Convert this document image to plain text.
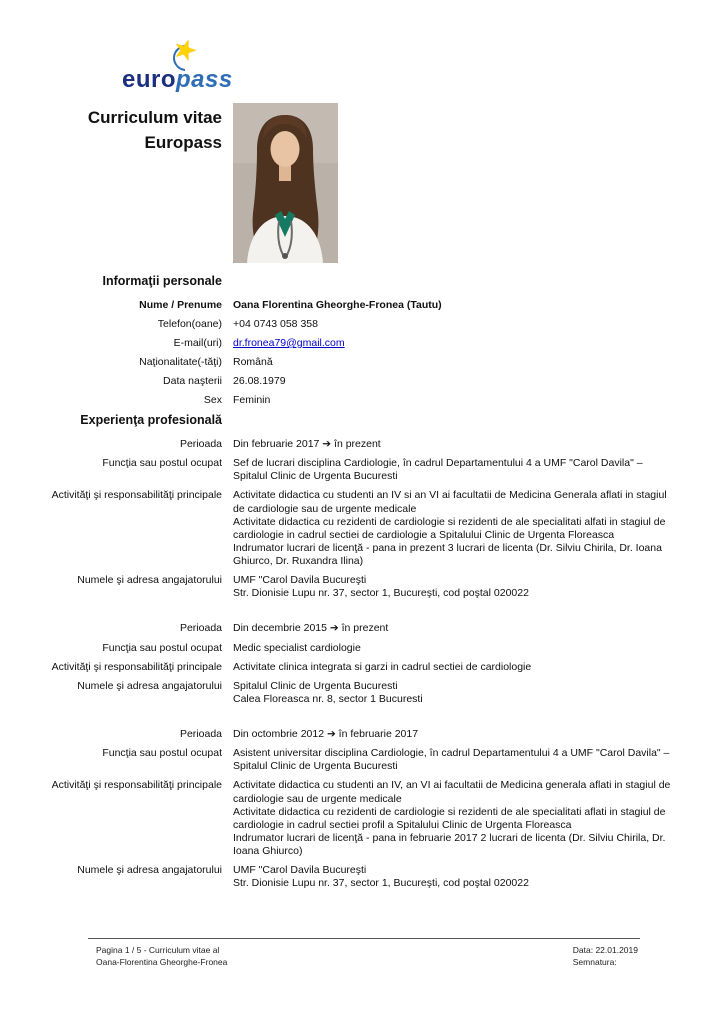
★
europass
Curriculum vitae
Europass
Informaţii personale
Nume / Prenume	Oana Florentina Gheorghe-Fronea (Tautu)
Telefon(oane)	+04 0743 058 358
E-mail(uri)	dr.fronea79@gmail.com
Naţionalitate(-tăţi)	Română
Data naşterii	26.08.1979
Sex	Feminin
Experienţa profesională
Perioada	Din februarie 2017 ➔ în prezent
Funcţia sau postul ocupat	Sef de lucrari disciplina Cardiologie, în cadrul Departamentului 4 a UMF "Carol Davila" – Spitalul Clinic de Urgenta Bucuresti
Activităţi şi responsabilităţi principale	Activitate didactica cu studenti an IV si an VI ai facultatii de Medicina Generala aflati in stagiul de cardiologie sau de urgente medicale
Activitate didactica cu rezidenti de cardiologie si rezidenti de ale specialitati alfati in stagiul de cardiologie in cadrul sectiei de cardiologie a Spitalului Clinic de Urgenta Floreasca
Indrumator lucrari de licenţă - pana in prezent 3 lucrari de licenta (Dr. Silviu Chirila, Dr. Ioana Ghiurco, Dr. Ruxandra Ilina)
Numele şi adresa angajatorului	UMF "Carol Davila Bucureşti
Str. Dionisie Lupu nr. 37, sector 1, Bucureşti, cod poştal 020022
Perioada	Din decembrie 2015 ➔ în prezent
Funcţia sau postul ocupat	Medic specialist cardiologie
Activităţi şi responsabilităţi principale	Activitate clinica integrata si garzi in cadrul sectiei de cardiologie
Numele şi adresa angajatorului	Spitalul Clinic de Urgenta Bucuresti
Calea Floreasca nr. 8, sector 1 Bucuresti
Perioada	Din octombrie 2012 ➔ în februarie 2017
Funcţia sau postul ocupat	Asistent universitar disciplina Cardiologie, în cadrul Departamentului 4 a UMF "Carol Davila" – Spitalul Clinic de Urgenta Bucuresti
Activităţi şi responsabilităţi principale	Activitate didactica cu studenti an IV, an VI ai facultatii de Medicina generala aflati in stagiul de cardiologie sau de urgente medicale
Activitate didactica cu rezidenti de cardiologie si rezidenti de ale specialitati aflati in stagiul de cardiologie in cadrul sectiei profil a Spitalului Clinic de Urgenta Floreasca
Indrumator lucrari de licenţă - pana in februarie 2017 2 lucrari de licenta (Dr. Silviu Chirila, Dr. Ioana Ghiurco)
Numele şi adresa angajatorului	UMF "Carol Davila Bucureşti
Str. Dionisie Lupu nr. 37, sector 1, Bucureşti, cod poştal 020022
Pagina 1 / 5 - Curriculum vitae al
Oana-Florentina Gheorghe-Fronea
Data: 22.01.2019
Semnatura:
